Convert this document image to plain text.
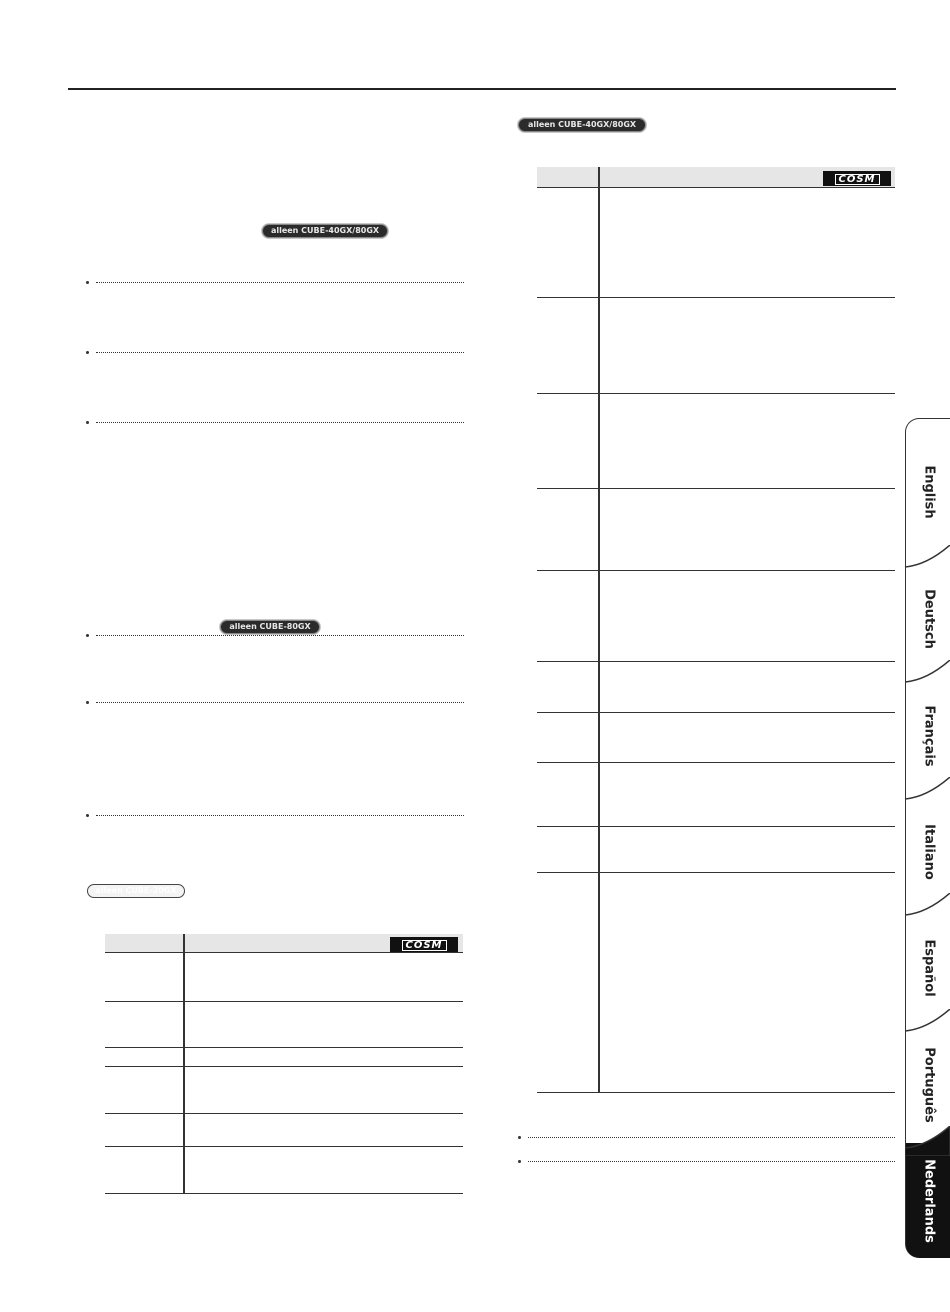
alleen CUBE-40GX/80GX
alleen CUBE-80GX
alleen CUBE-20GX
COSM
alleen CUBE-40GX/80GX
COSM
English
Deutsch
Français
Italiano
Español
Português
Nederlands
